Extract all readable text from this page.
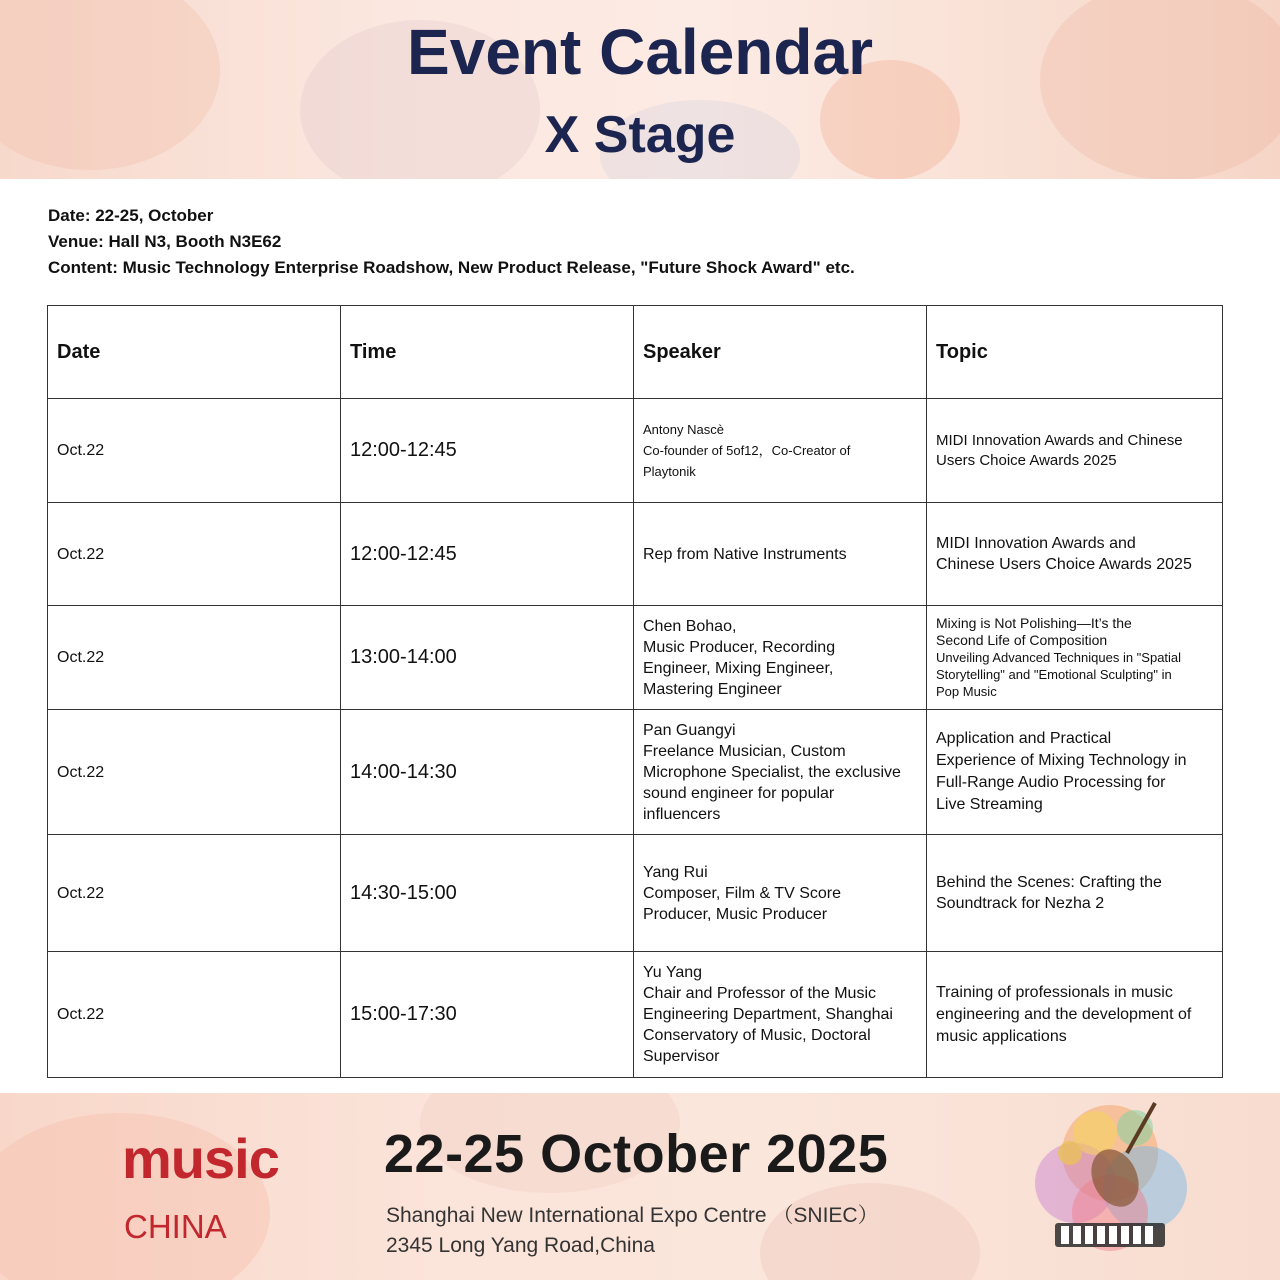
Event Calendar
X Stage
Date: 22-25, October
Venue: Hall N3, Booth N3E62
Content: Music Technology Enterprise Roadshow, New Product Release, "Future Shock Award" etc.
Date	Time	Speaker	Topic
Oct.22	12:00-12:45	Antony Nascè
Co-founder of 5of12，Co-Creator of
Playtonik	MIDI Innovation Awards and Chinese
Users Choice Awards 2025

Oct.22	12:00-12:45	Rep from Native Instruments	MIDI Innovation Awards and
Chinese Users Choice Awards 2025

Oct.22	13:00-14:00	Chen Bohao,
Music Producer, Recording
Engineer, Mixing Engineer,
Mastering Engineer	Mixing is Not Polishing—It’s the
Second Life of Composition
Unveiling Advanced Techniques in "Spatial
Storytelling" and "Emotional Sculpting" in
Pop Music

Oct.22	14:00-14:30	Pan Guangyi
Freelance Musician, Custom
Microphone Specialist, the exclusive
sound engineer for popular
influencers	Application and Practical
Experience of Mixing Technology in
Full-Range Audio Processing for
Live Streaming

Oct.22	14:30-15:00	Yang Rui
Composer, Film & TV Score
Producer, Music Producer	Behind the Scenes: Crafting the
Soundtrack for Nezha 2

Oct.22	15:00-17:30	Yu Yang
Chair and Professor of the Music
Engineering Department, Shanghai
Conservatory of Music, Doctoral
Supervisor	Training of professionals in music
engineering and the development of
music applications
music
CHINA
22-25 October 2025
Shanghai New International Expo Centre （SNIEC）
2345 Long Yang Road,China
